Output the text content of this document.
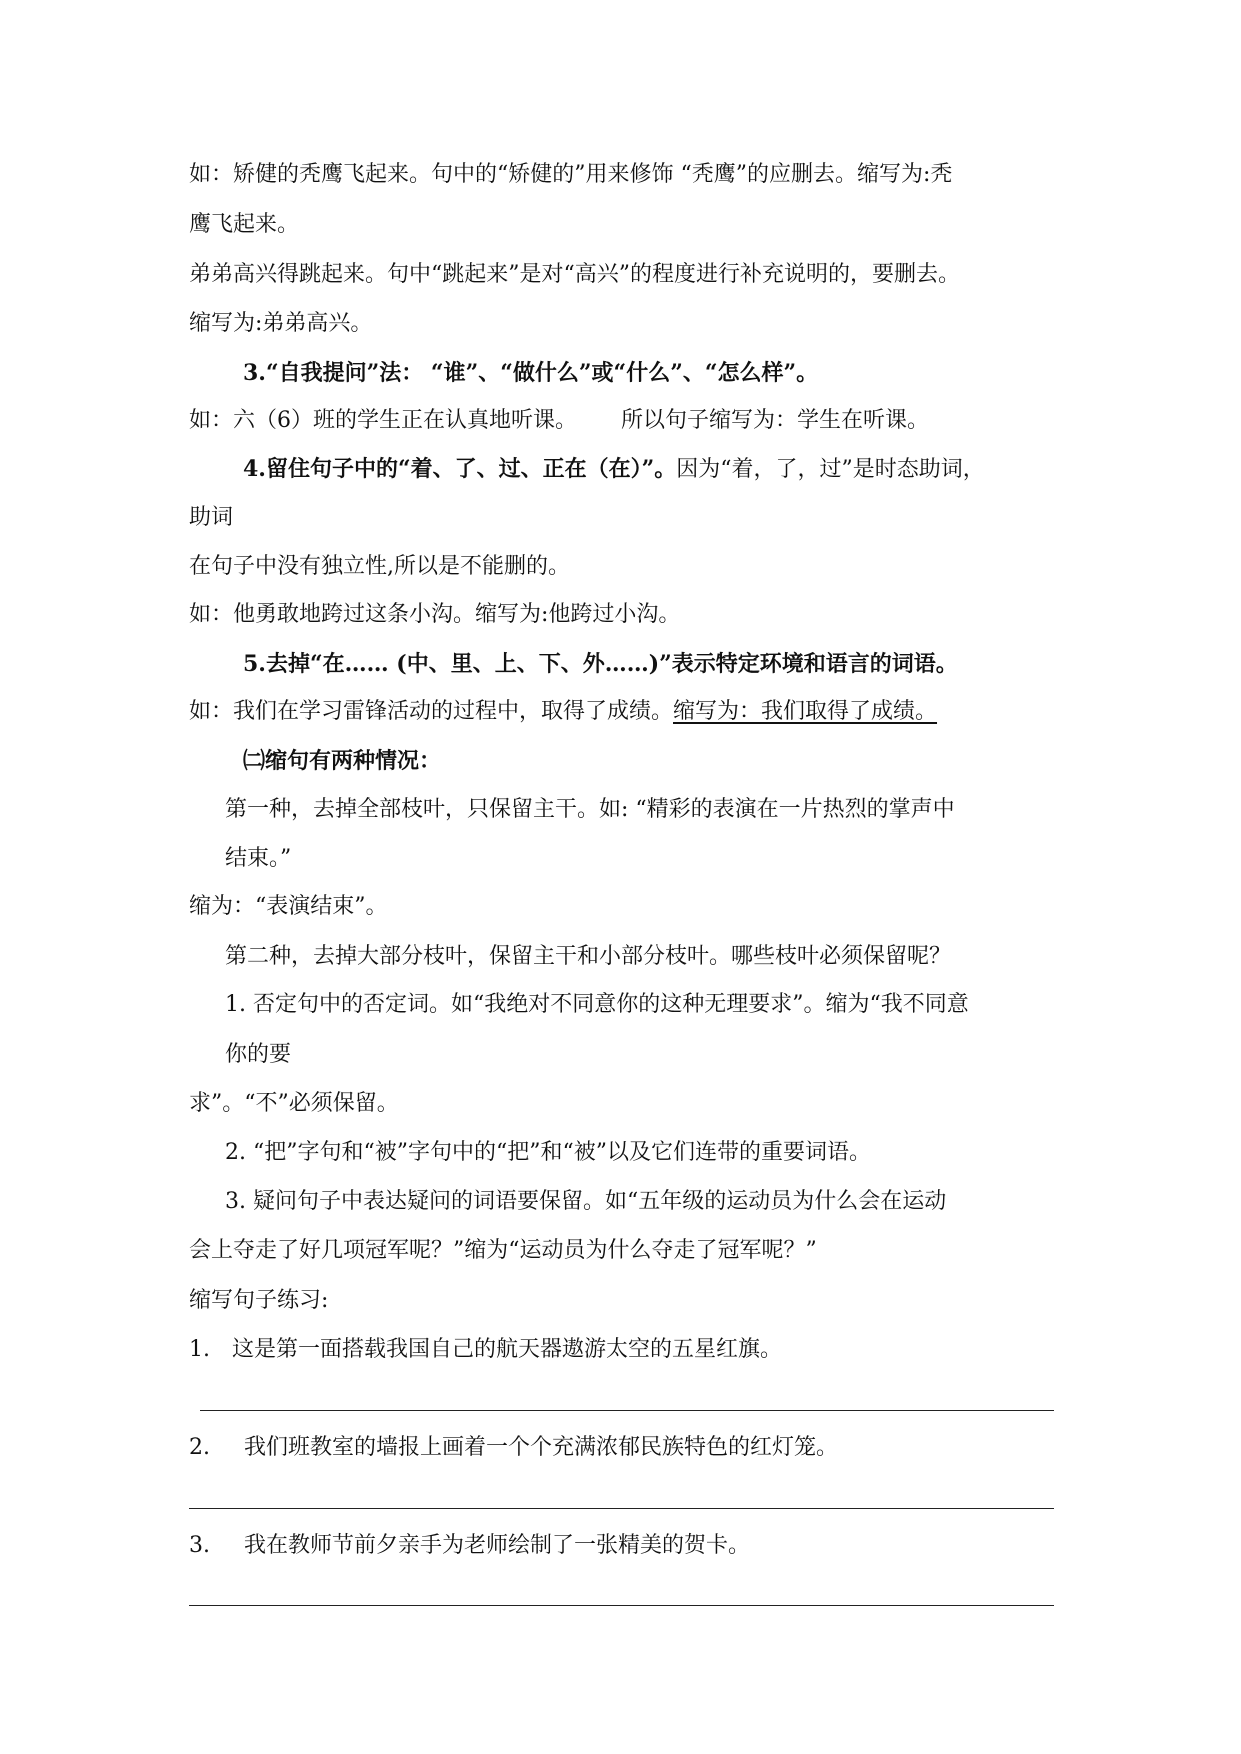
如：矫健的秃鹰飞起来。句中的“矫健的”用来修饰 “秃鹰”的应删去。缩写为:秃
鹰飞起来。
弟弟高兴得跳起来。句中“跳起来”是对“高兴”的程度进行补充说明的，要删去。
缩写为:弟弟高兴。
3.“自我提问”法： “谁”、“做什么”或“什么”、“怎么样”。
如：六（6）班的学生正在认真地听课。 所以句子缩写为：学生在听课。
4.留住句子中的“着、了、过、正在（在）”。因为“着，了，过”是时态助词，
助词
在句子中没有独立性,所以是不能删的。
如：他勇敢地跨过这条小沟。缩写为:他跨过小沟。
5.去掉“在…… (中、里、上、下、外……)”表示特定环境和语言的词语。
如：我们在学习雷锋活动的过程中，取得了成绩。缩写为：我们取得了成绩。
㈡缩句有两种情况：
第一种，去掉全部枝叶，只保留主干。如: “精彩的表演在一片热烈的掌声中
结束。”
缩为：“表演结束”。
第二种，去掉大部分枝叶，保留主干和小部分枝叶。哪些枝叶必须保留呢？
1. 否定句中的否定词。如“我绝对不同意你的这种无理要求”。缩为“我不同意
你的要
求”。“不”必须保留。
2. “把”字句和“被”字句中的“把”和“被”以及它们连带的重要词语。
3. 疑问句子中表达疑问的词语要保留。如“五年级的运动员为什么会在运动
会上夺走了好几项冠军呢？”缩为“运动员为什么夺走了冠军呢？”
缩写句子练习:
1. 这是第一面搭载我国自己的航天器遨游太空的五星红旗。
2. 我们班教室的墙报上画着一个个充满浓郁民族特色的红灯笼。
3. 我在教师节前夕亲手为老师绘制了一张精美的贺卡。
